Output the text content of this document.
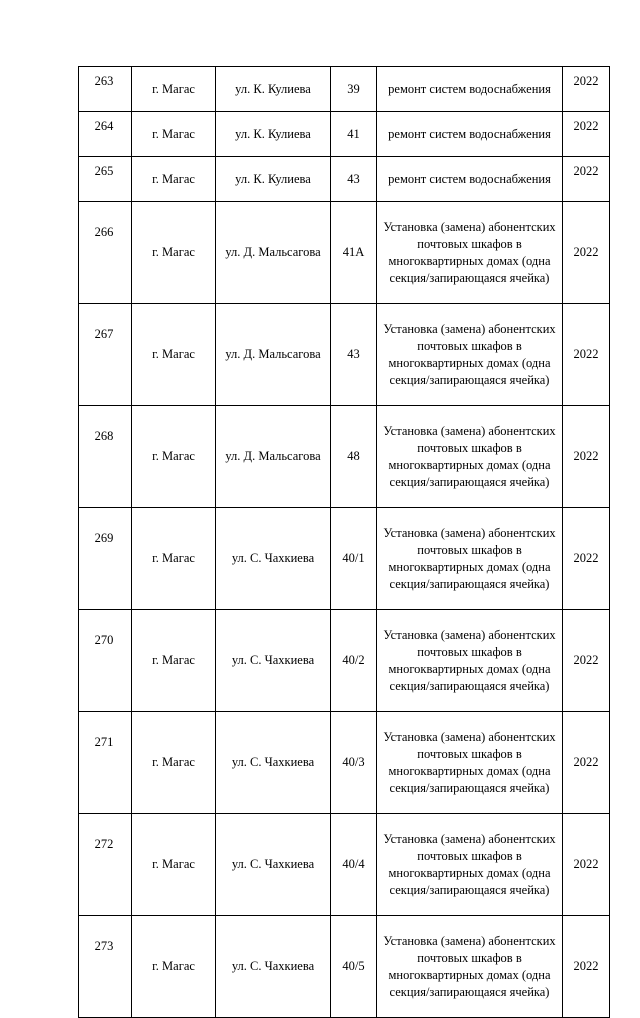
263	г. Магас	ул. К. Кулиева	39	ремонт систем водоснабжения	2022
264	г. Магас	ул. К. Кулиева	41	ремонт систем водоснабжения	2022
265	г. Магас	ул. К. Кулиева	43	ремонт систем водоснабжения	2022
266	г. Магас	ул. Д. Мальсагова	41А	Установка (замена) абонентских почтовых шкафов в многоквартирных домах (одна секция/запирающаяся ячейка)	2022
267	г. Магас	ул. Д. Мальсагова	43	Установка (замена) абонентских почтовых шкафов в многоквартирных домах (одна секция/запирающаяся ячейка)	2022
268	г. Магас	ул. Д. Мальсагова	48	Установка (замена) абонентских почтовых шкафов в многоквартирных домах (одна секция/запирающаяся ячейка)	2022
269	г. Магас	ул. С. Чахкиева	40/1	Установка (замена) абонентских почтовых шкафов в многоквартирных домах (одна секция/запирающаяся ячейка)	2022
270	г. Магас	ул. С. Чахкиева	40/2	Установка (замена) абонентских почтовых шкафов в многоквартирных домах (одна секция/запирающаяся ячейка)	2022
271	г. Магас	ул. С. Чахкиева	40/3	Установка (замена) абонентских почтовых шкафов в многоквартирных домах (одна секция/запирающаяся ячейка)	2022
272	г. Магас	ул. С. Чахкиева	40/4	Установка (замена) абонентских почтовых шкафов в многоквартирных домах (одна секция/запирающаяся ячейка)	2022
273	г. Магас	ул. С. Чахкиева	40/5	Установка (замена) абонентских почтовых шкафов в многоквартирных домах (одна секция/запирающаяся ячейка)	2022
